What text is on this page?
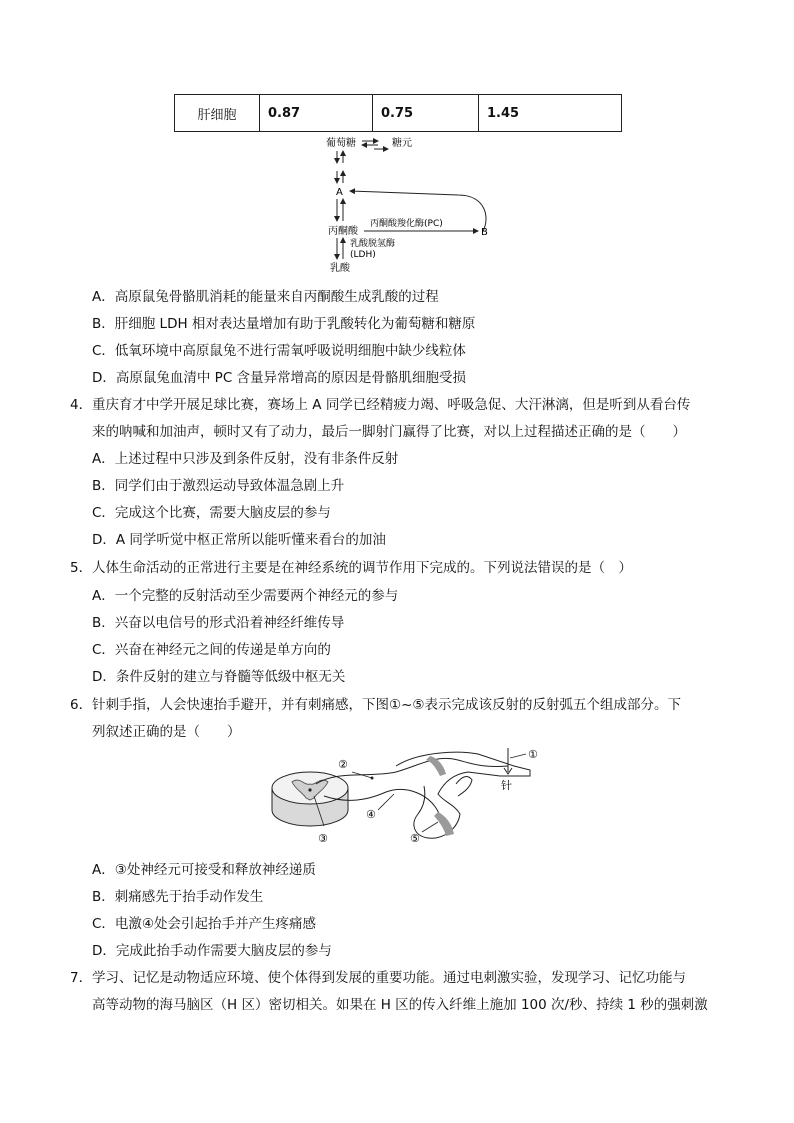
肝细胞	0.87	0.75	1.45
葡萄糖	糖元
A
丙酮酸
丙酮酸羧化酶(PC)
B
乳酸脱氢酶
(LDH)
乳酸
A．高原鼠兔骨骼肌消耗的能量来自丙酮酸生成乳酸的过程
B．肝细胞 LDH 相对表达量增加有助于乳酸转化为葡萄糖和糖原
C．低氧环境中高原鼠兔不进行需氧呼吸说明细胞中缺少线粒体
D．高原鼠兔血清中 PC 含量异常增高的原因是骨骼肌细胞受损
4．重庆育才中学开展足球比赛，赛场上 A 同学已经精疲力竭、呼吸急促、大汗淋漓，但是听到从看台传
来的呐喊和加油声，顿时又有了动力，最后一脚射门赢得了比赛，对以上过程描述正确的是（　　）
A．上述过程中只涉及到条件反射，没有非条件反射
B．同学们由于激烈运动导致体温急剧上升
C．完成这个比赛，需要大脑皮层的参与
D．A 同学听觉中枢正常所以能听懂来看台的加油
5．人体生命活动的正常进行主要是在神经系统的调节作用下完成的。下列说法错误的是（　）
A．一个完整的反射活动至少需要两个神经元的参与
B．兴奋以电信号的形式沿着神经纤维传导
C．兴奋在神经元之间的传递是单方向的
D．条件反射的建立与脊髓等低级中枢无关
6．针刺手指，人会快速抬手避开，并有刺痛感，下图①~⑤表示完成该反射的反射弧五个组成部分。下
列叙述正确的是（　　）
针
①
②
③
④
⑤
A．③处神经元可接受和释放神经递质
B．刺痛感先于抬手动作发生
C．电激④处会引起抬手并产生疼痛感
D．完成此抬手动作需要大脑皮层的参与
7．学习、记忆是动物适应环境、使个体得到发展的重要功能。通过电刺激实验，发现学习、记忆功能与
高等动物的海马脑区（H 区）密切相关。如果在 H 区的传入纤维上施加 100 次/秒、持续 1 秒的强刺激
